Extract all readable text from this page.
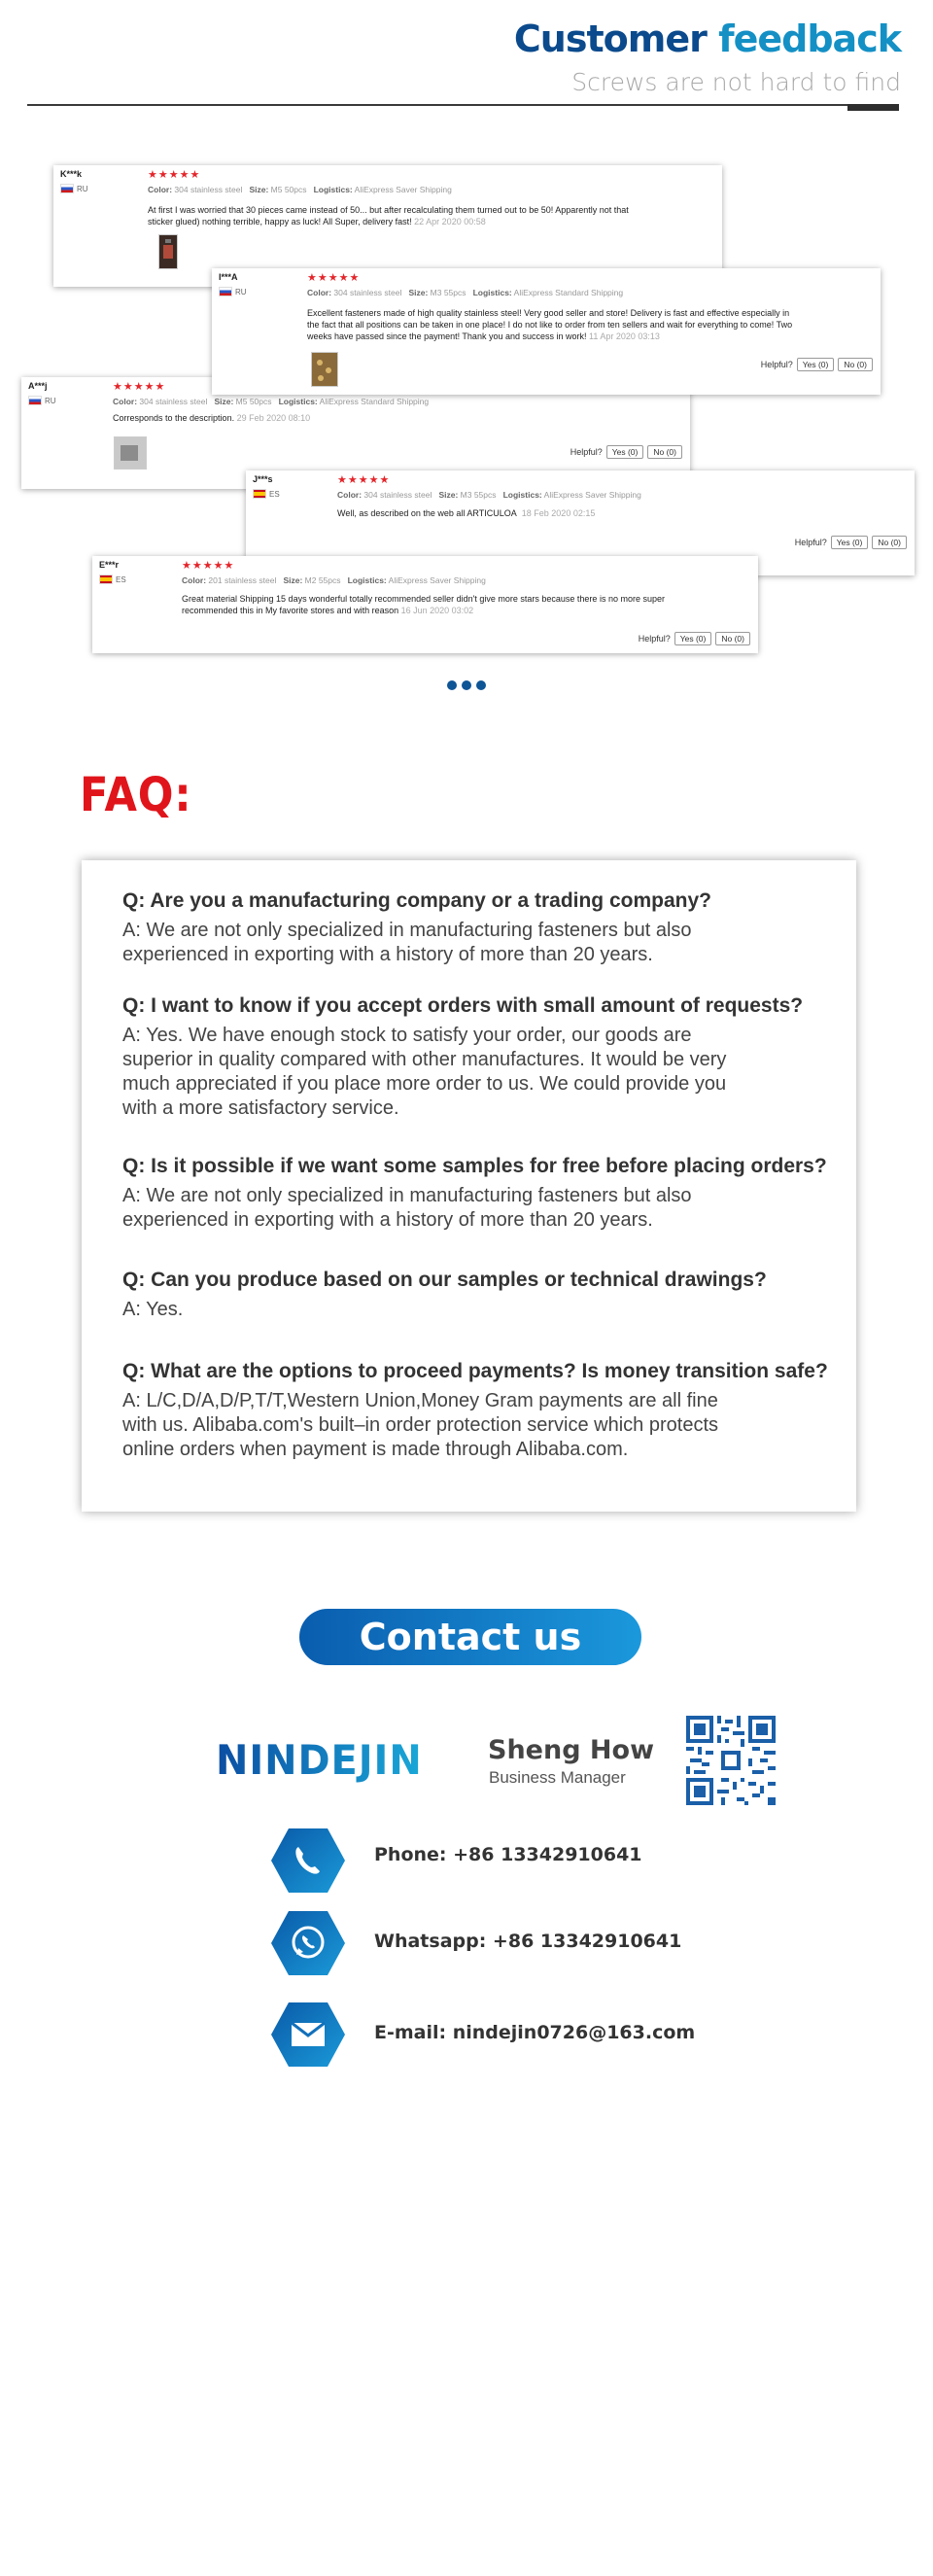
Customer feedback
Screws are not hard to find
K***k
RU
★★★★★
Color: 304 stainless steel Size: M5 50pcs Logistics: AliExpress Saver Shipping
At first I was worried that 30 pieces came instead of 50... but after recalculating them turned out to be 50! Apparently not that sticker glued) nothing terrible, happy as luck! All Super, delivery fast! 22 Apr 2020 00:58
A***j
RU
★★★★★
Color: 304 stainless steel Size: M5 50pcs Logistics: AliExpress Standard Shipping
Corresponds to the description. 29 Feb 2020 08:10
Helpful?	Yes (0)	No (0)
I***A
RU
★★★★★
Color: 304 stainless steel Size: M3 55pcs Logistics: AliExpress Standard Shipping
Excellent fasteners made of high quality stainless steel! Very good seller and store! Delivery is fast and effective especially in the fact that all positions can be taken in one place! I do not like to order from ten sellers and wait for everything to come! Two weeks have passed since the payment! Thank you and success in work! 11 Apr 2020 03:13
Helpful?	Yes (0)	No (0)
J***s
ES
★★★★★
Color: 304 stainless steel Size: M3 55pcs Logistics: AliExpress Saver Shipping
Well, as described on the web all ARTICULOA 18 Feb 2020 02:15
Helpful?	Yes (0)	No (0)
E***r
ES
★★★★★
Color: 201 stainless steel Size: M2 55pcs Logistics: AliExpress Saver Shipping
Great material Shipping 15 days wonderful totally recommended seller didn't give more stars because there is no more super recommended this in My favorite stores and with reason 16 Jun 2020 03:02
Helpful?	Yes (0)	No (0)
FAQ:
Q: Are you a manufacturing company or a trading company?
A: We are not only specialized in manufacturing fasteners but also experienced in exporting with a history of more than 20 years.
Q: I want to know if you accept orders with small amount of requests?
A: Yes. We have enough stock to satisfy your order, our goods are superior in quality compared with other manufactures. It would be very much appreciated if you place more order to us. We could provide you with a more satisfactory service.
Q: Is it possible if we want some samples for free before placing orders?
A: We are not only specialized in manufacturing fasteners but also experienced in exporting with a history of more than 20 years.
Q: Can you produce based on our samples or technical drawings?
A: Yes.
Q: What are the options to proceed payments? Is money transition safe?
A: L/C,D/A,D/P,T/T,Western Union,Money Gram payments are all fine with us. Alibaba.com's built–in order protection service which protects online orders when payment is made through Alibaba.com.
Contact us
NINDEJIN Sheng How
Business Manager
Phone: +86 13342910641
Whatsapp: +86 13342910641
E-mail: nindejin0726@163.com
